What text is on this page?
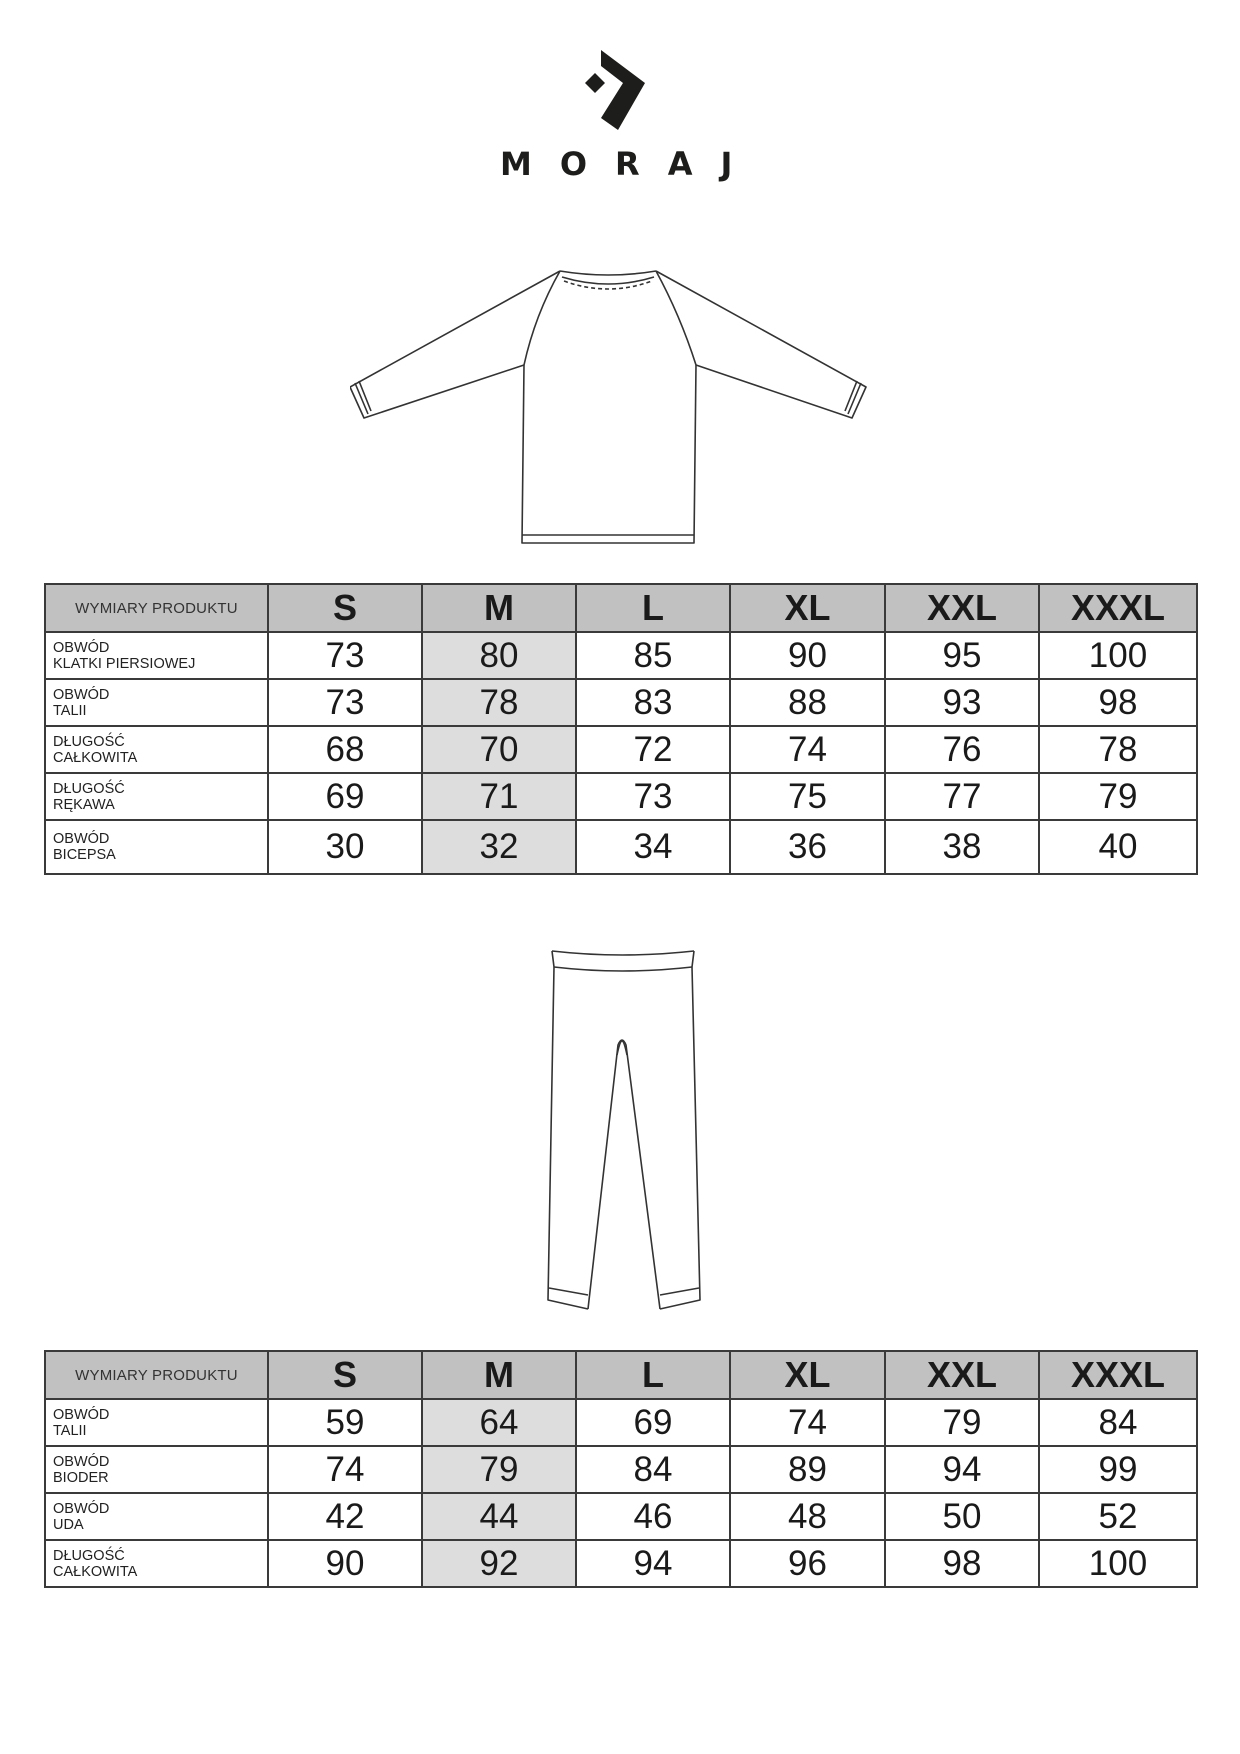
MORAJ
WYMIARY PRODUKTU	S	M	L	XL	XXL	XXXL

OBWÓD
KLATKI PIERSIOWEJ	73	80	85	90	95	100

OBWÓD
TALII	73	78	83	88	93	98

DŁUGOŚĆ
CAŁKOWITA	68	70	72	74	76	78

DŁUGOŚĆ
RĘKAWA	69	71	73	75	77	79

OBWÓD
BICEPSA	30	32	34	36	38	40
WYMIARY PRODUKTU	S	M	L	XL	XXL	XXXL

OBWÓD
TALII	59	64	69	74	79	84

OBWÓD
BIODER	74	79	84	89	94	99

OBWÓD
UDA	42	44	46	48	50	52

DŁUGOŚĆ
CAŁKOWITA	90	92	94	96	98	100
